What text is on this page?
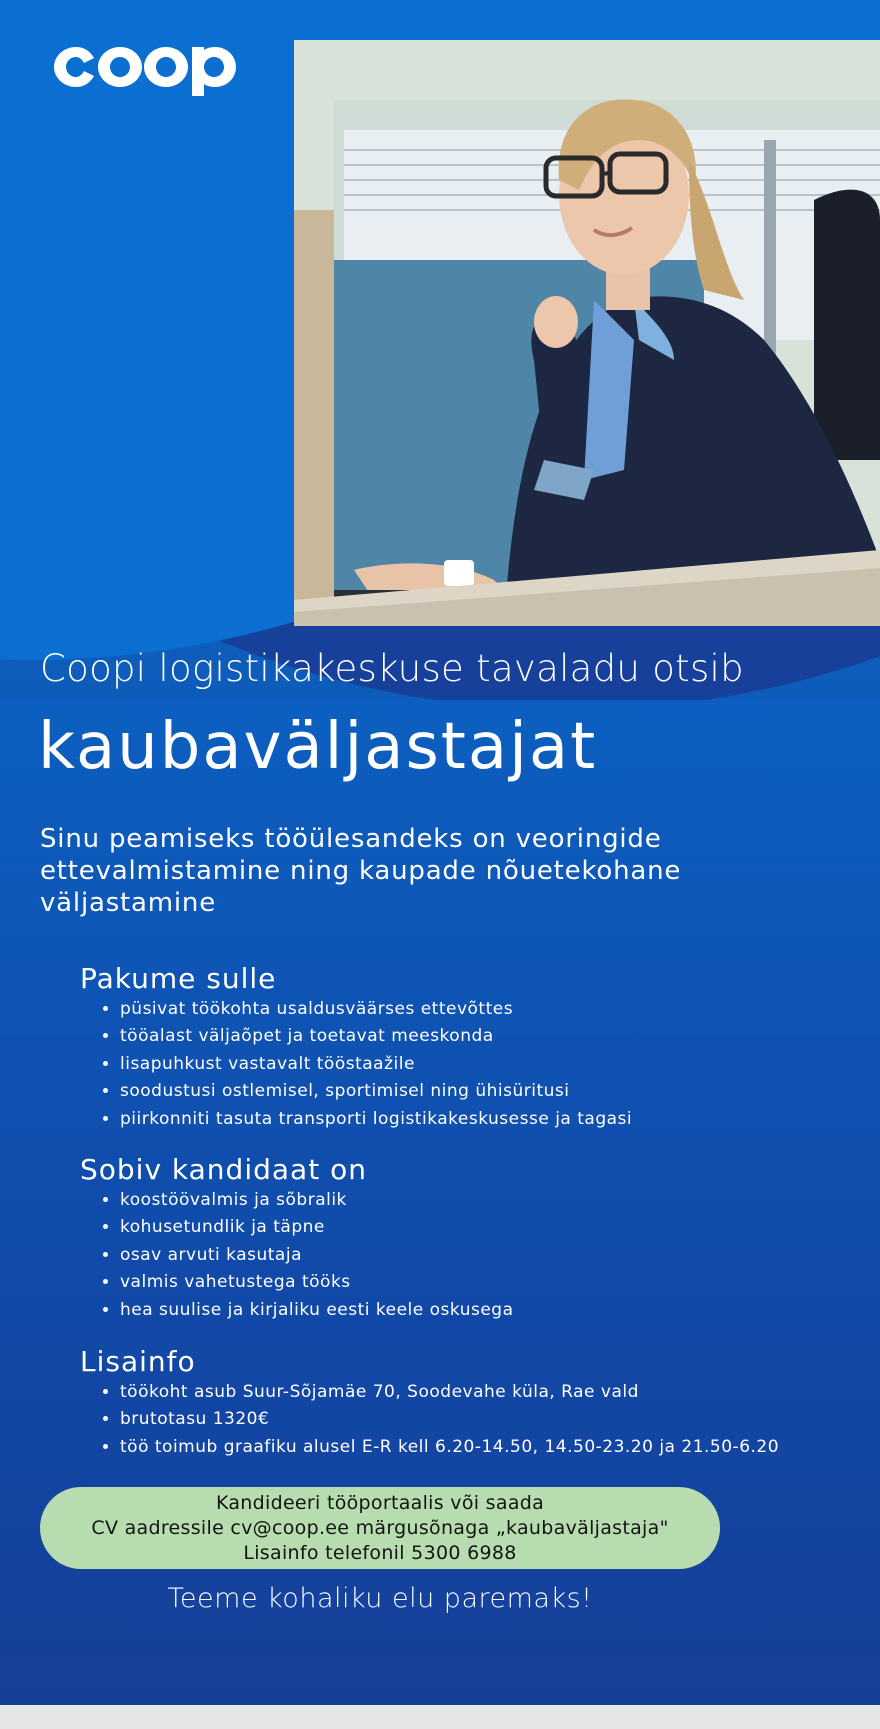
Coopi logistikakeskuse tavaladu otsib
kaubaväljastajat
Sinu peamiseks tööülesandeks on veoringide
ettevalmistamine ning kaupade nõuetekohane
väljastamine
Pakume sulle
• püsivat töökohta usaldusväärses ettevõttes
• tööalast väljaõpet ja toetavat meeskonda
• lisapuhkust vastavalt tööstaažile
• soodustusi ostlemisel, sportimisel ning ühisüritusi
• piirkonniti tasuta transporti logistikakeskusesse ja tagasi
Sobiv kandidaat on
• koostöövalmis ja sõbralik
• kohusetundlik ja täpne
• osav arvuti kasutaja
• valmis vahetustega tööks
• hea suulise ja kirjaliku eesti keele oskusega
Lisainfo
• töökoht asub Suur-Sõjamäe 70, Soodevahe küla, Rae vald
• brutotasu 1320€
• töö toimub graafiku alusel E-R kell 6.20-14.50, 14.50-23.20 ja 21.50-6.20
Kandideeri tööportaalis või saada
CV aadressile cv@coop.ee märgusõnaga „kaubaväljastaja"
Lisainfo telefonil 5300 6988
Teeme kohaliku elu paremaks!
